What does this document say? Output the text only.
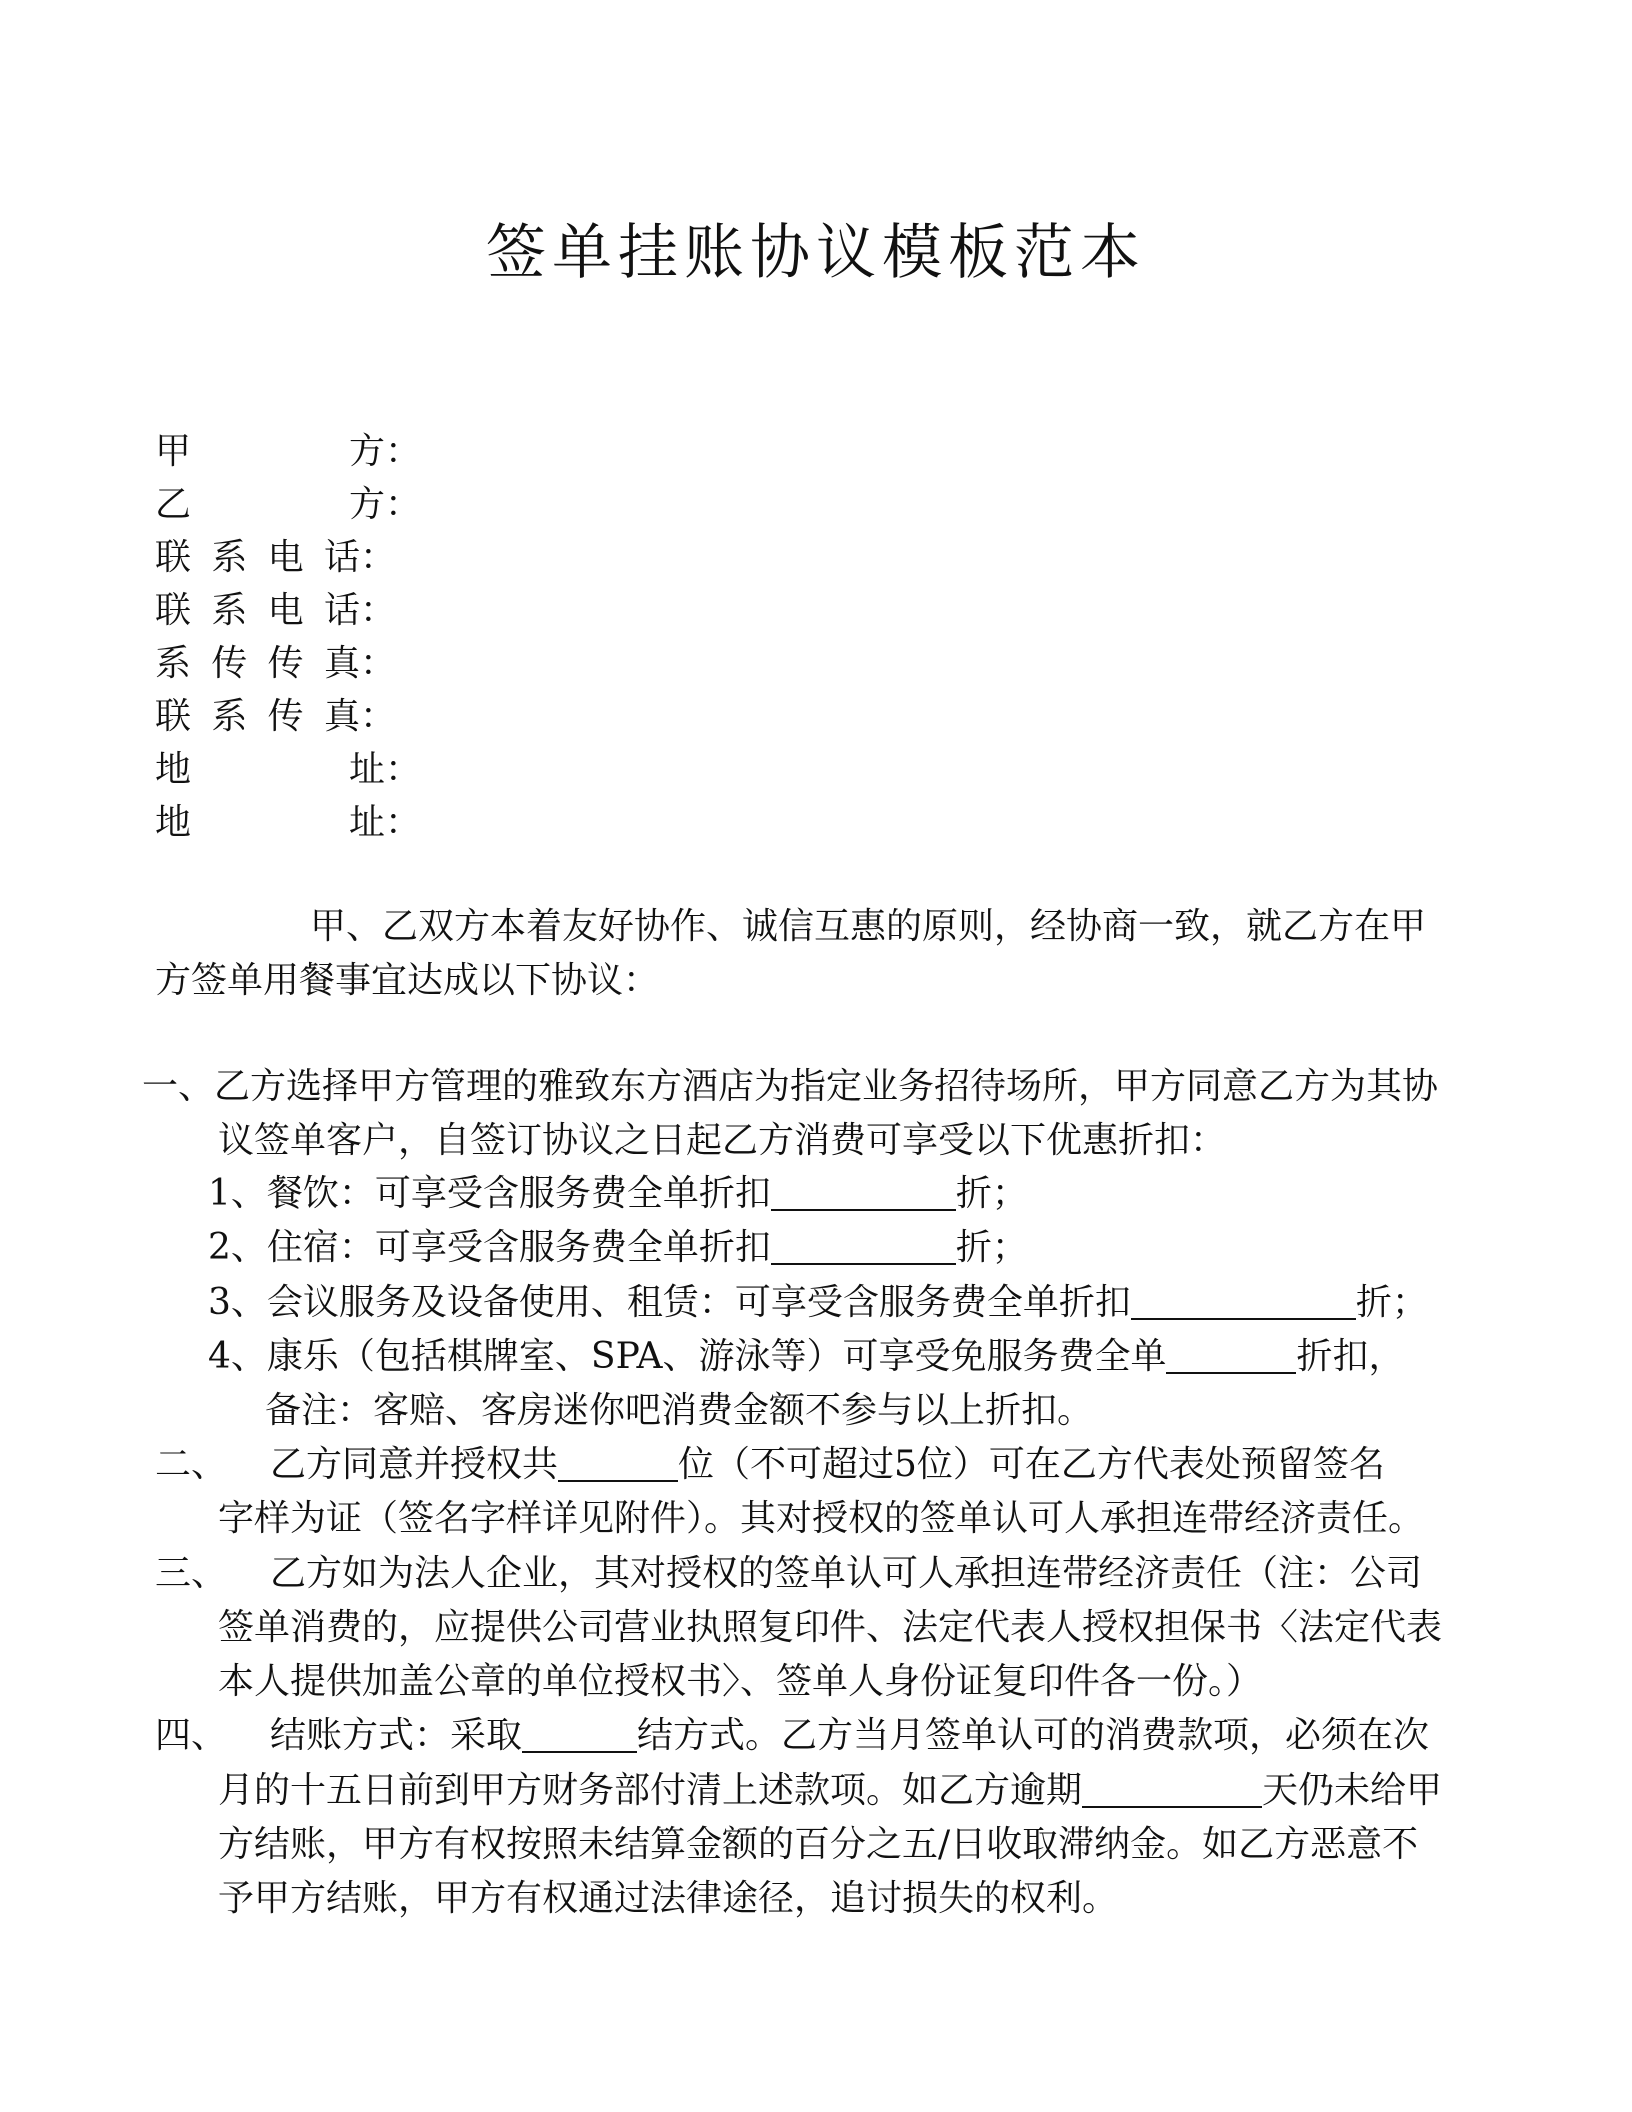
签单挂账协议模板范本
甲	方 ：
乙	方 ：
联 系 电 话 ：
联 系 电 话 ：
系 传 传 真 ：
联 系 传 真 ：
地	址 ：
地	址 ：
甲、乙双方本着友好协作、诚信互惠的原则，经协商一致，就乙方在甲
方签单用餐事宜达成以下协议：
一、乙方选择甲方管理的雅致东方酒店为指定业务招待场所，甲方同意乙方为其协
议签单客户，自签订协议之日起乙方消费可享受以下优惠折扣：
1、餐饮：可享受含服务费全单折扣	折；
2、住宿：可享受含服务费全单折扣	折；
3、会议服务及设备使用、租赁：可享受含服务费全单折扣	折；
4、康乐（包括棋牌室、SPA、游泳等）可享受免服务费全单	折扣，
备注：客赔、客房迷你吧消费金额不参与以上折扣。
二、 乙方同意并授权共	位（不可超过5位）可在乙方代表处预留签名
字样为证（签名字样详见附件）。其对授权的签单认可人承担连带经济责任。
三、 乙方如为法人企业，其对授权的签单认可人承担连带经济责任（注：公司
签单消费的，应提供公司营业执照复印件、法定代表人授权担保书〈法定代表
本人提供加盖公章的单位授权书〉、签单人身份证复印件各一份。）
四、 结账方式：采取	结方式。乙方当月签单认可的消费款项，必须在次
月的十五日前到甲方财务部付清上述款项。如乙方逾期	天仍未给甲
方结账，甲方有权按照未结算金额的百分之五/日收取滞纳金。如乙方恶意不
予甲方结账，甲方有权通过法律途径，追讨损失的权利。
